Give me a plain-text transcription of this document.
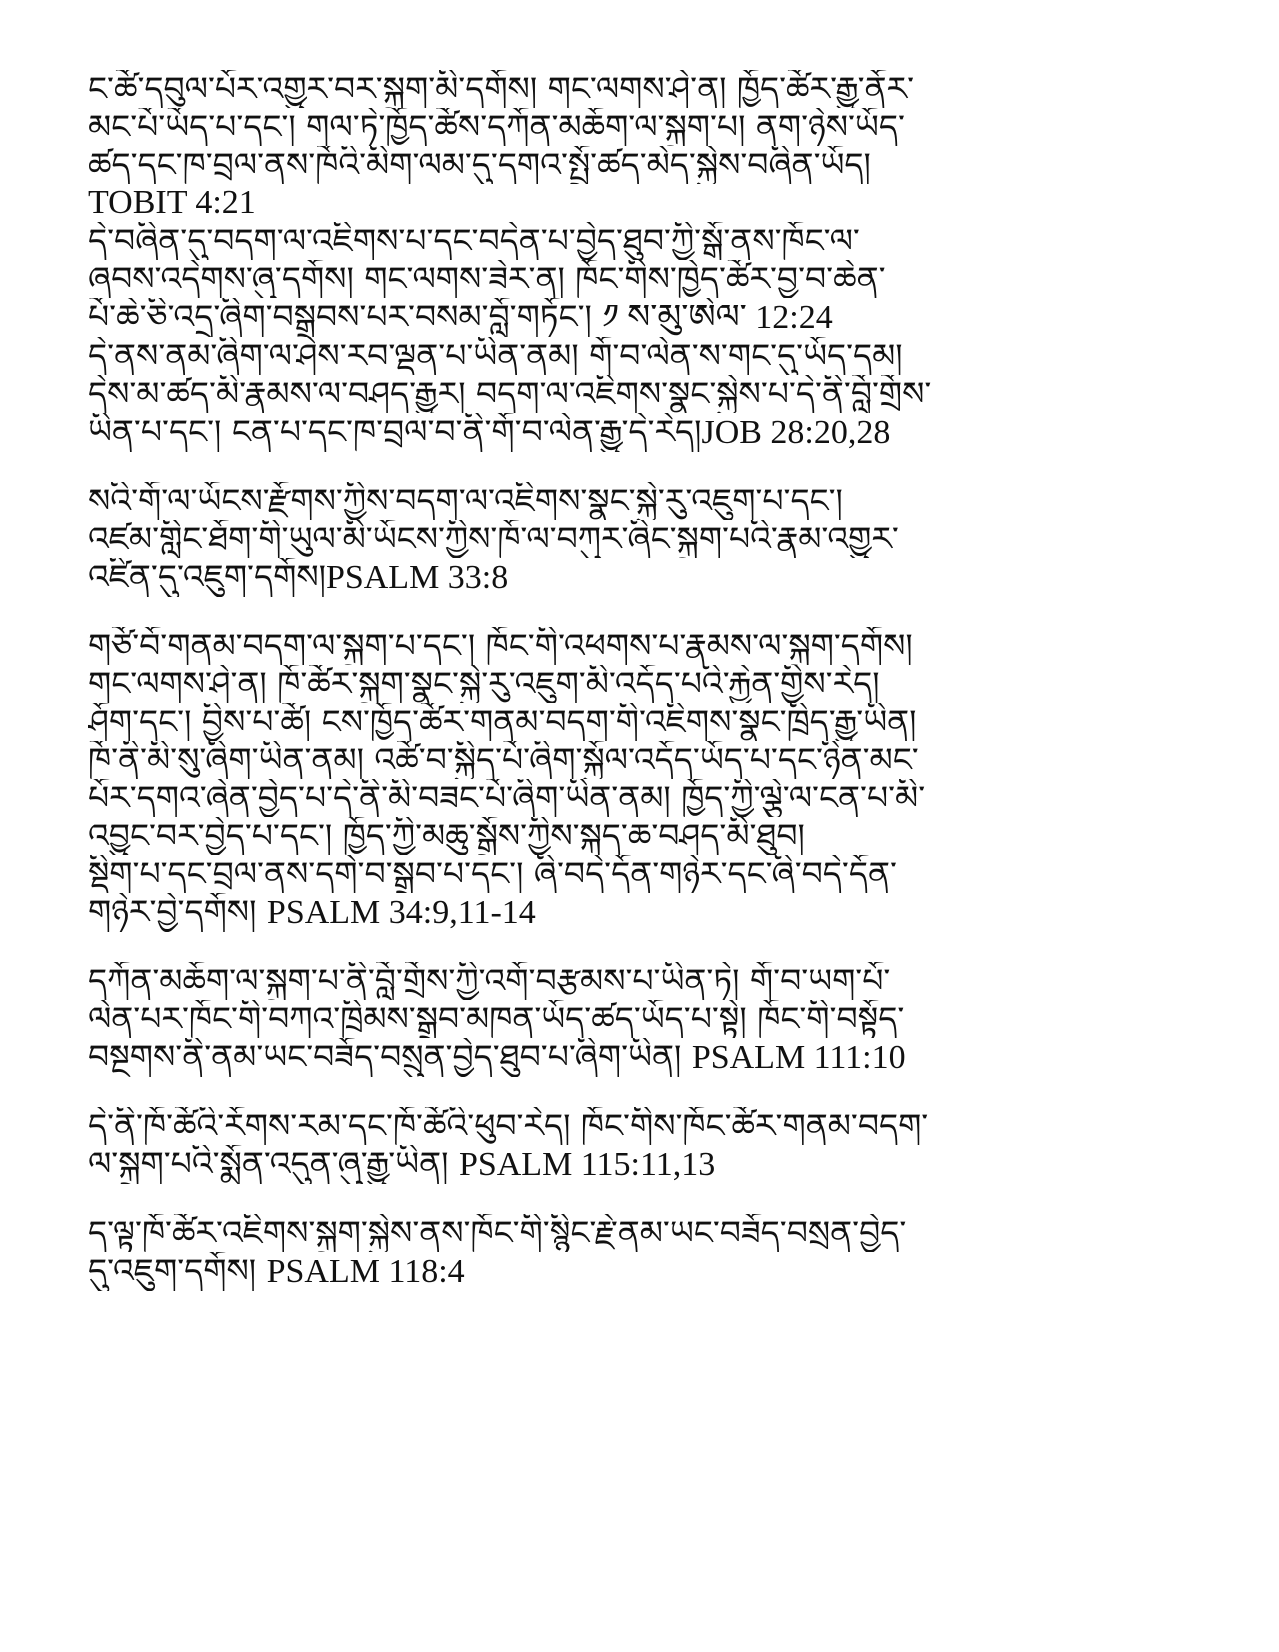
ང་ཚོ་དབུལ་པོར་འགྱུར་བར་སྐྲག་མི་དགོས། གང་ལགས་ཤེ་ན། ཁྱོད་ཚོར་རྒྱུ་ནོར་
མང་པོ་ཡོད་པ་དང་། གལ་ཏེ་ཁྱོད་ཚོས་དཀོན་མཆོག་ལ་སྐྲག་པ། ནག་ཉེས་ཡོད་
ཚད་དང་ཁ་བྲལ་ནས་ཁོའི་མིག་ལམ་དུ་དགའ་སྤྲོ་ཚད་མེད་སྐྱེས་བཞིན་ཡོད།
TOBIT 4:21
དེ་བཞིན་དུ་བདག་ལ་འཇིགས་པ་དང་བདེན་པ་བྱེད་ཐུབ་ཀྱི་སྒོ་ནས་ཁོང་ལ་
ཞབས་འདེགས་ཞུ་དགོས། གང་ལགས་ཟེར་ན། ཁོང་གིས་ཁྱེད་ཚོར་བྱ་བ་ཆེན་
པོ་ཆེ་ཅི་འདྲ་ཞིག་བསྒྲུབས་པར་བསམ་བློ་གཏོང་། ༡ ས་མུ་ཨེལ་ 12:24
དེ་ནས་ནམ་ཞིག་ལ་ཤེས་རབ་ལྡན་པ་ཡིན་ནམ། གོ་བ་ལེན་ས་གང་དུ་ཡོད་དམ།
དེས་མ་ཚད་མི་རྣམས་ལ་བཤད་རྒྱུར། བདག་ལ་འཇིགས་སྣང་སྐྱེས་པ་དེ་ནི་བློ་གྲོས་
ཡིན་པ་དང་། ངན་པ་དང་ཁ་བྲལ་བ་ནི་གོ་བ་ལེན་རྒྱུ་དེ་རེད།JOB 28:20,28
སའི་གོ་ལ་ཡོངས་རྫོགས་ཀྱིས་བདག་ལ་འཇིགས་སྣང་སྐྱེ་རུ་འཇུག་པ་དང་།
འཛམ་གླིང་ཐོག་གི་ཡུལ་མི་ཡོངས་ཀྱིས་ཁོ་ལ་བཀུར་ཞིང་སྐྲག་པའི་རྣམ་འགྱུར་
འཛིན་དུ་འཇུག་དགོས།PSALM 33:8
གཙོ་བོ་གནམ་བདག་ལ་སྐྲག་པ་དང་། ཁོང་གི་འཕགས་པ་རྣམས་ལ་སྐྲག་དགོས།
གང་ལགས་ཤེ་ན། ཁོ་ཚོར་སྐྲག་སྣང་སྐྱེ་རུ་འཇུག་མི་འདོད་པའི་རྐྱེན་གྱིས་རེད།
ཤོག་དང་། བྱིས་པ་ཚོ། ངས་ཁྱོད་ཚོར་གནམ་བདག་གི་འཇིགས་སྣང་ཁྲིད་རྒྱུ་ཡིན།
ཁོ་ནི་མི་སུ་ཞིག་ཡིན་ནམ། འཚོ་བ་སྐྱིད་པོ་ཞིག་སྐྱོལ་འདོད་ཡོད་པ་དང་ཉིན་མང་
པོར་དགའ་ཞེན་བྱེད་པ་དེ་ནི་མི་བཟང་པོ་ཞིག་ཡིན་ནམ། ཁྱོད་ཀྱི་ལྕེ་ལ་ངན་པ་མི་
འབྱུང་བར་བྱེད་པ་དང་། ཁྱོད་ཀྱི་མཆུ་སྒྲོས་ཀྱིས་སྐད་ཆ་བཤད་མི་ཐུབ།
སྡིག་པ་དང་བྲལ་ནས་དགེ་བ་སྒྲུབ་པ་དང་། ཞི་བདེ་དོན་གཉེར་དང་ཞི་བདེ་དོན་
གཉེར་བྱེ་དགོས། PSALM 34:9,11-14
དཀོན་མཆོག་ལ་སྐྲག་པ་ནི་བློ་གྲོས་ཀྱི་འགོ་བརྩམས་པ་ཡིན་ཏེ། གོ་བ་ཡག་པོ་
ལེན་པར་ཁོང་གི་བཀའ་ཁྲིམས་སྒྲུབ་མཁན་ཡོད་ཚད་ཡོད་པ་སྟེ། ཁོང་གི་བསྟོད་
བསྔགས་ནི་ནམ་ཡང་བཟོད་བསྲུན་བྱེད་ཐུབ་པ་ཞིག་ཡིན། PSALM 111:10
དེ་ནི་ཁོ་ཚོའི་རོགས་རམ་དང་ཁོ་ཚོའི་ཕུབ་རེད། ཁོང་གིས་ཁོང་ཚོར་གནམ་བདག་
ལ་སྐྲག་པའི་སྨོན་འདུན་ཞུ་རྒྱུ་ཡིན། PSALM 115:11,13
ད་ལྟ་ཁོ་ཚོར་འཇིགས་སྐྲག་སྐྱེས་ནས་ཁོང་གི་སྙིང་རྗེ་ནམ་ཡང་བཟོད་བསྲན་བྱེད་
དུ་འཇུག་དགོས། PSALM 118:4
